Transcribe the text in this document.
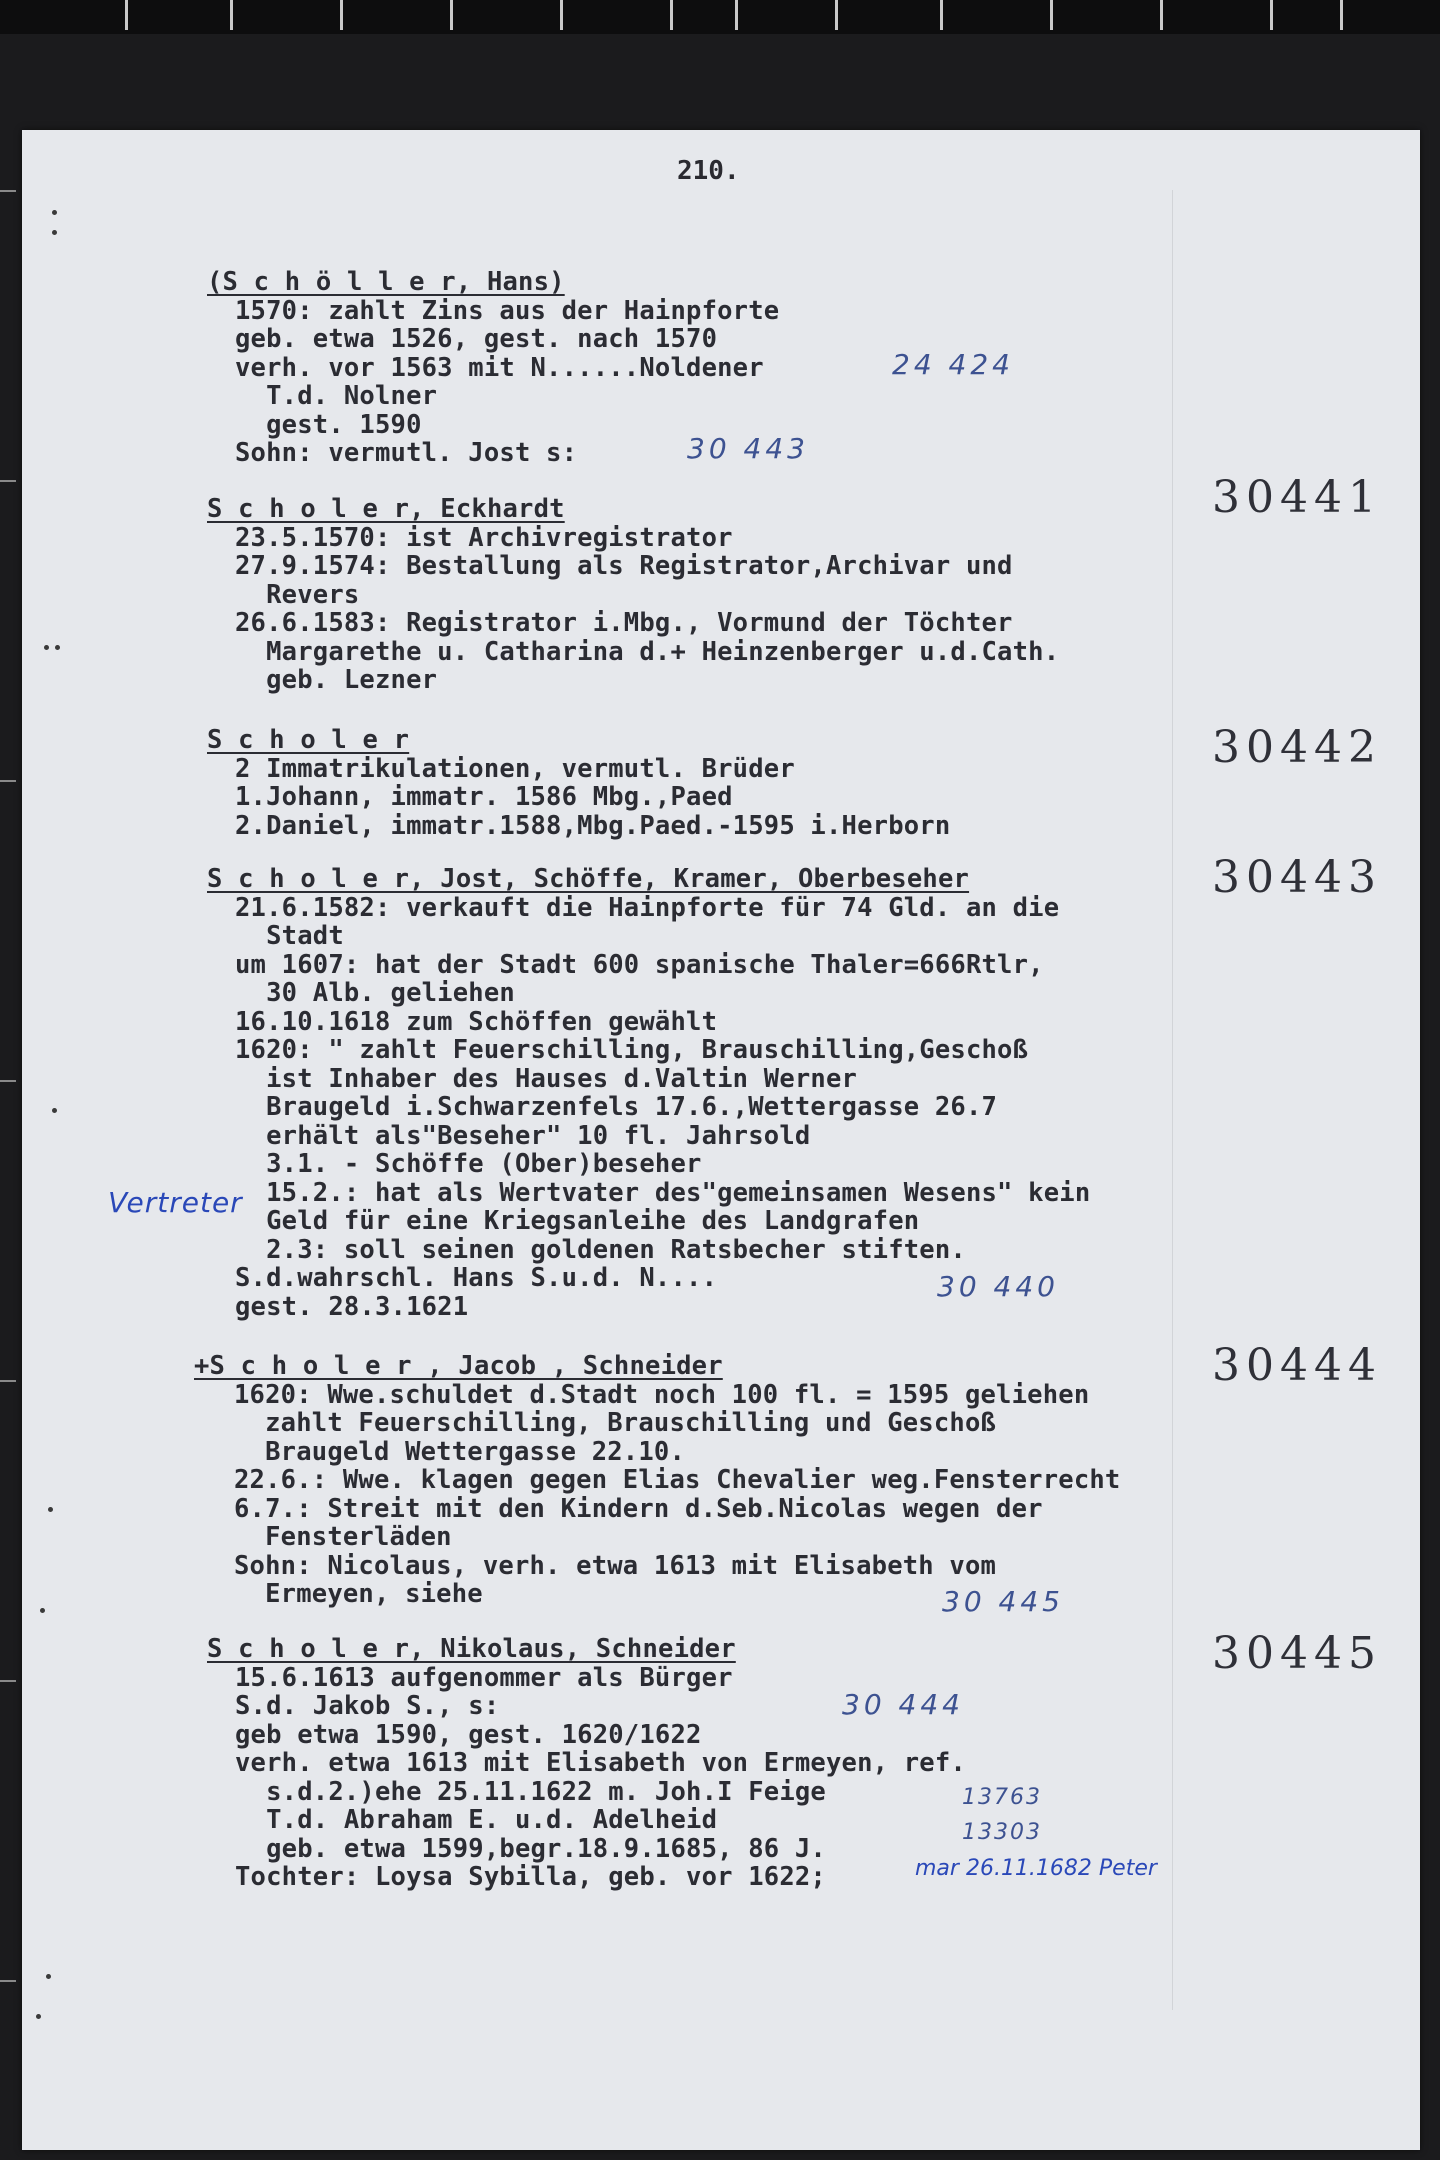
210.
(S c h ö l l e r, Hans)
1570: zahlt Zins aus der Hainpforte
geb. etwa 1526, gest. nach 1570
verh. vor 1563 mit N......Noldener
T.d. Nolner
gest. 1590
Sohn: vermutl. Jost s:
24 424
30 443
30441
S c h o l e r, Eckhardt
23.5.1570: ist Archivregistrator
27.9.1574: Bestallung als Registrator,Archivar und
Revers
26.6.1583: Registrator i.Mbg., Vormund der Töchter
Margarethe u. Catharina d.+ Heinzenberger u.d.Cath.
geb. Lezner
30442
S c h o l e r
2 Immatrikulationen, vermutl. Brüder
1.Johann, immatr. 1586 Mbg.,Paed
2.Daniel, immatr.1588,Mbg.Paed.-1595 i.Herborn
30443
S c h o l e r, Jost, Schöffe, Kramer, Oberbeseher
21.6.1582: verkauft die Hainpforte für 74 Gld. an die
Stadt
um 1607: hat der Stadt 600 spanische Thaler=666Rtlr,
30 Alb. geliehen
16.10.1618 zum Schöffen gewählt
1620: " zahlt Feuerschilling, Brauschilling,Geschoß
ist Inhaber des Hauses d.Valtin Werner
Braugeld i.Schwarzenfels 17.6.,Wettergasse 26.7
erhält als"Beseher" 10 fl. Jahrsold
3.1. - Schöffe (Ober)beseher
15.2.: hat als Wertvater des"gemeinsamen Wesens" kein
Geld für eine Kriegsanleihe des Landgrafen
2.3: soll seinen goldenen Ratsbecher stiften.
S.d.wahrschl. Hans S.u.d. N....
gest. 28.3.1621
Vertreter
30 440
30444
+S c h o l e r , Jacob , Schneider
1620: Wwe.schuldet d.Stadt noch 100 fl. = 1595 geliehen
zahlt Feuerschilling, Brauschilling und Geschoß
Braugeld Wettergasse 22.10.
22.6.: Wwe. klagen gegen Elias Chevalier weg.Fensterrecht
6.7.: Streit mit den Kindern d.Seb.Nicolas wegen der
Fensterläden
Sohn: Nicolaus, verh. etwa 1613 mit Elisabeth vom
Ermeyen, siehe	30 445
30445
S c h o l e r, Nikolaus, Schneider
15.6.1613 aufgenommer als Bürger
S.d. Jakob S., s:
geb etwa 1590, gest. 1620/1622
verh. etwa 1613 mit Elisabeth von Ermeyen, ref.
s.d.2.)ehe 25.11.1622 m. Joh.I Feige
T.d. Abraham E. u.d. Adelheid
geb. etwa 1599,begr.18.9.1685, 86 J.
Tochter: Loysa Sybilla, geb. vor 1622;
30 444
13763
13303
mar 26.11.1682 Peter
